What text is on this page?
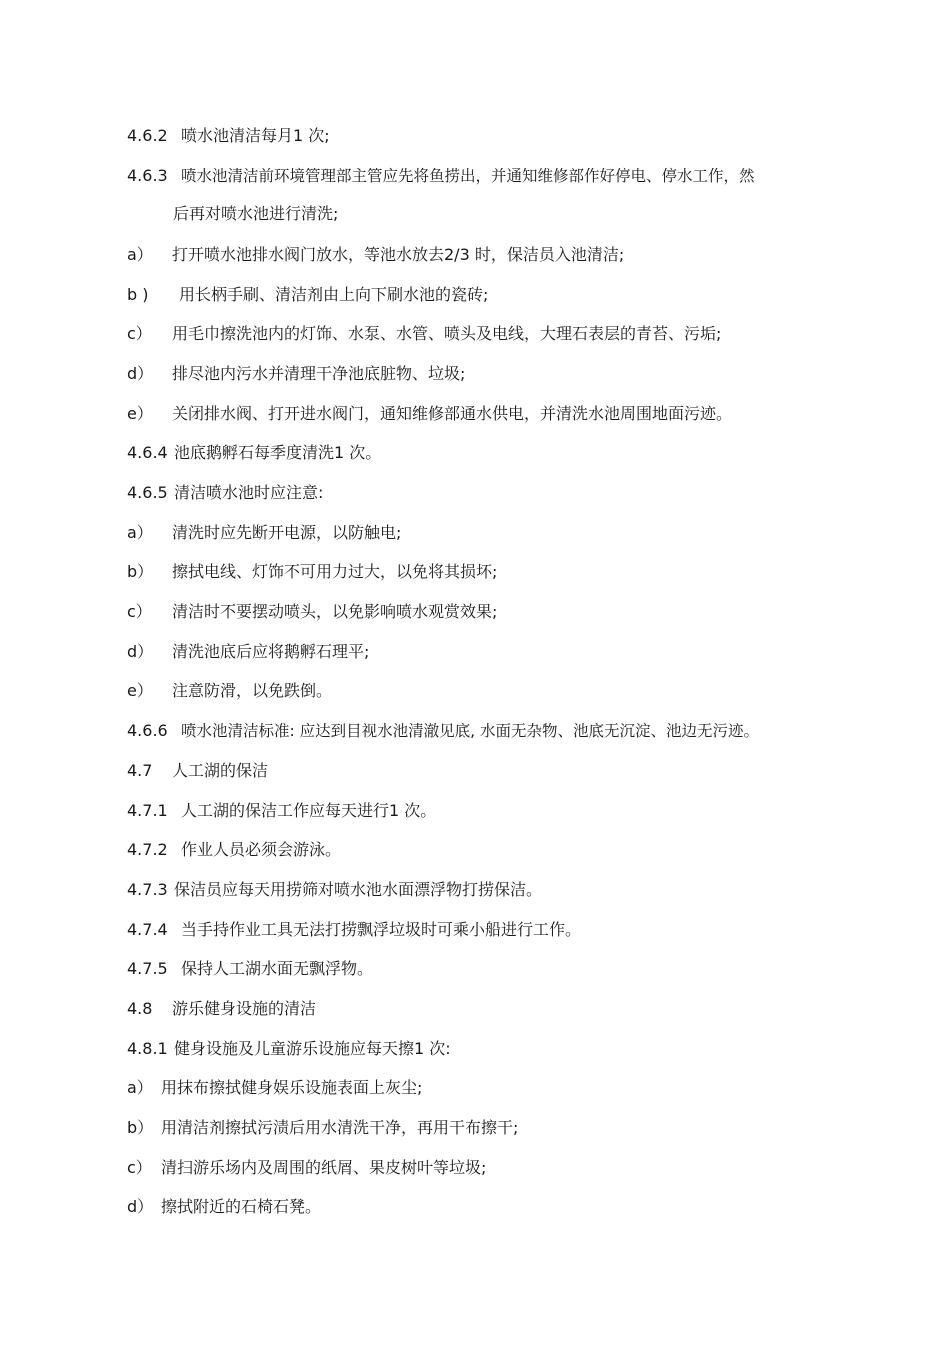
4.6.2 喷水池清洁每月1 次;
4.6.3 喷水池清洁前环境管理部主管应先将鱼捞出，并通知维修部作好停电、停水工作，然
后再对喷水池进行清洗;
a） 打开喷水池排水阀门放水，等池水放去2/3 时，保洁员入池清洁;
b ) 用长柄手刷、清洁剂由上向下刷水池的瓷砖;
c） 用毛巾擦洗池内的灯饰、水泵、水管、喷头及电线，大理石表层的青苔、污垢;
d） 排尽池内污水并清理干净池底脏物、垃圾;
e） 关闭排水阀、打开进水阀门，通知维修部通水供电，并清洗水池周围地面污迹。
4.6.4 池底鹅孵石每季度清洗1 次。
4.6.5 清洁喷水池时应注意:
a） 清洗时应先断开电源，以防触电;
b） 擦拭电线、灯饰不可用力过大，以免将其损坏;
c） 清洁时不要摆动喷头，以免影响喷水观赏效果;
d） 清洗池底后应将鹅孵石理平;
e） 注意防滑，以免跌倒。
4.6.6 喷水池清洁标准: 应达到目视水池清澈见底, 水面无杂物、池底无沉淀、池边无污迹。
4.7 人工湖的保洁
4.7.1 人工湖的保洁工作应每天进行1 次。
4.7.2 作业人员必须会游泳。
4.7.3 保洁员应每天用捞筛对喷水池水面漂浮物打捞保洁。
4.7.4 当手持作业工具无法打捞飘浮垃圾时可乘小船进行工作。
4.7.5 保持人工湖水面无飘浮物。
4.8 游乐健身设施的清洁
4.8.1 健身设施及儿童游乐设施应每天擦1 次:
a） 用抹布擦拭健身娱乐设施表面上灰尘;
b） 用清洁剂擦拭污渍后用水清洗干净，再用干布擦干;
c） 清扫游乐场内及周围的纸屑、果皮树叶等垃圾;
d） 擦拭附近的石椅石凳。
